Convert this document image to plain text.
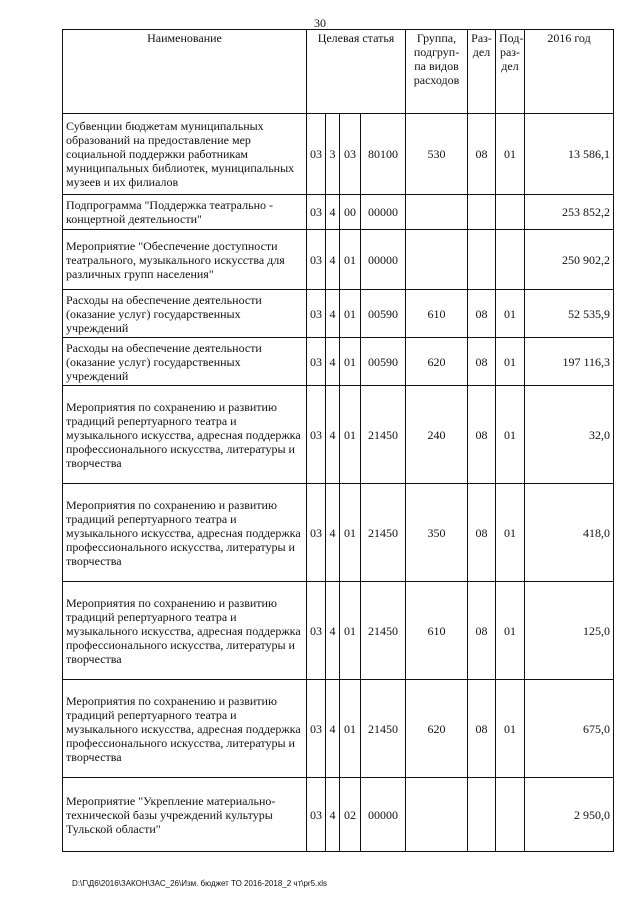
30
Наименование	Целевая статья				Группа, подгруп-па видов расходов	Раз-дел	Под-раз-дел	2016 год
Субвенции бюджетам муниципальных образований на предоставление мер социальной поддержки работникам муниципальных библиотек, муниципальных музеев и их филиалов	03	3	03	80100	530	08	01	13 586,1
Подпрограмма "Поддержка театрально - концертной деятельности"	03	4	00	00000				253 852,2
Мероприятие "Обеспечение доступности театрального, музыкального искусства для различных групп населения"	03	4	01	00000				250 902,2
Расходы на обеспечение деятельности (оказание услуг) государственных учреждений	03	4	01	00590	610	08	01	52 535,9
Расходы на обеспечение деятельности (оказание услуг) государственных учреждений	03	4	01	00590	620	08	01	197 116,3
Мероприятия по сохранению и развитию традиций репертуарного театра и музыкального искусства, адресная поддержка профессионального искусства, литературы и творчества	03	4	01	21450	240	08	01	32,0
Мероприятия по сохранению и развитию традиций репертуарного театра и музыкального искусства, адресная поддержка профессионального искусства, литературы и творчества	03	4	01	21450	350	08	01	418,0
Мероприятия по сохранению и развитию традиций репертуарного театра и музыкального искусства, адресная поддержка профессионального искусства, литературы и творчества	03	4	01	21450	610	08	01	125,0
Мероприятия по сохранению и развитию традиций репертуарного театра и музыкального искусства, адресная поддержка профессионального искусства, литературы и творчества	03	4	01	21450	620	08	01	675,0
Мероприятие "Укрепление материально-технической базы учреждений культуры Тульской области"	03	4	02	00000				2 950,0
D:\Г\Д6\2016\ЗАКОН\ЗАС_26\Изм. бюджет ТО 2016-2018_2 чт\pr5.xls
